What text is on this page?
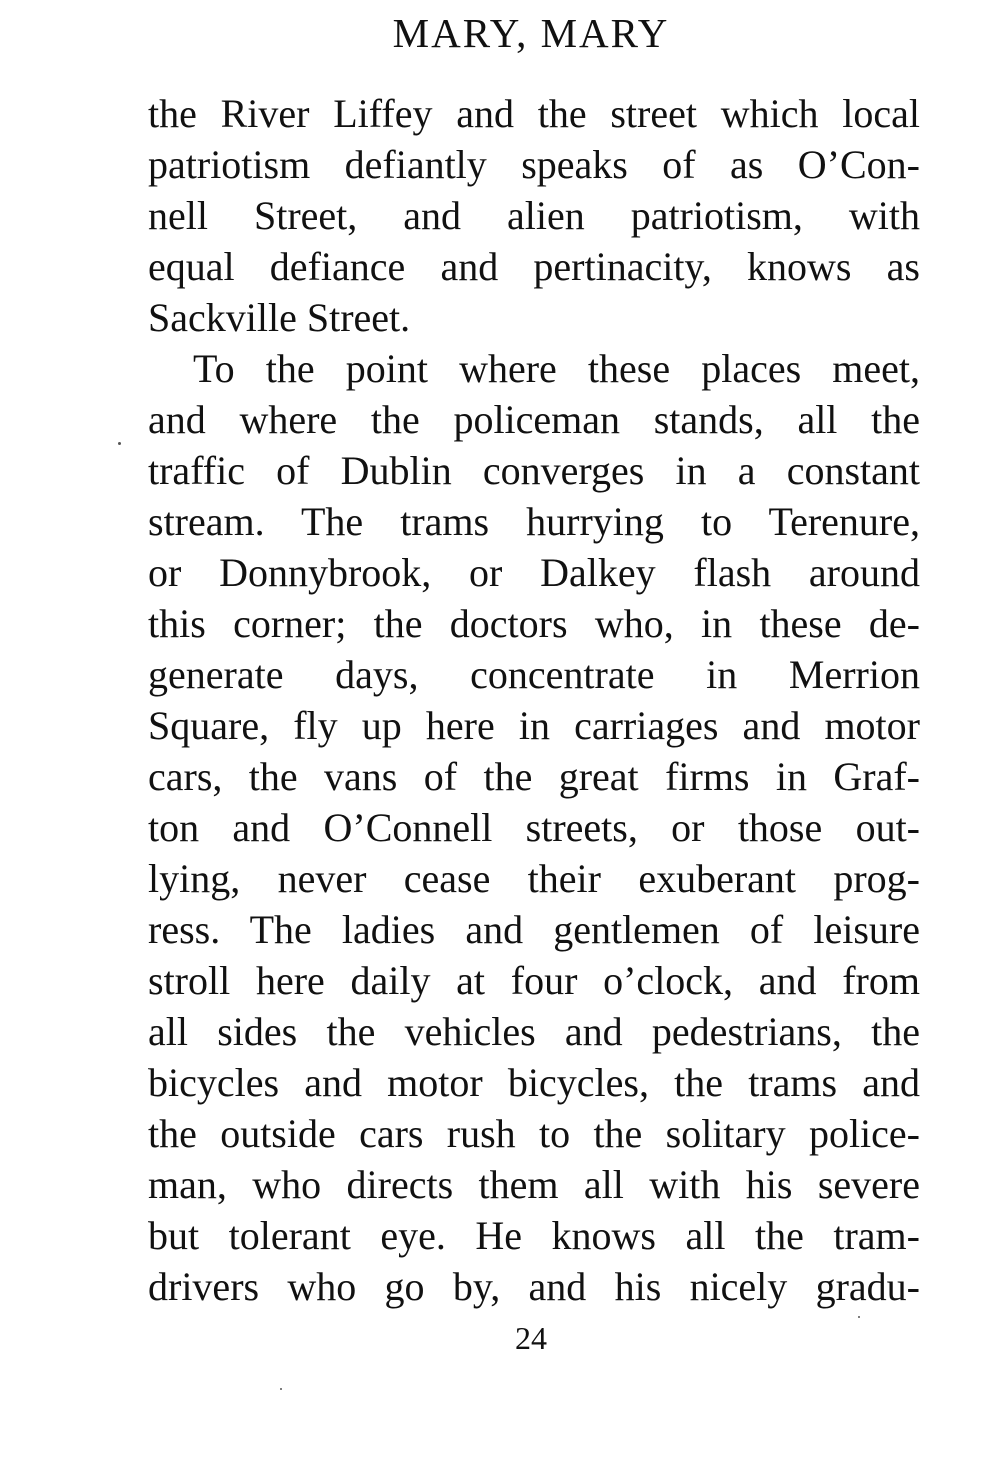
MARY, MARY
the River Liffey and the street which local
patriotism defiantly speaks of as O’Con-
nell Street, and alien patriotism, with
equal defiance and pertinacity, knows as
Sackville Street.
To the point where these places meet,
and where the policeman stands, all the
traffic of Dublin converges in a constant
stream. The trams hurrying to Terenure,
or Donnybrook, or Dalkey flash around
this corner; the doctors who, in these de-
generate days, concentrate in Merrion
Square, fly up here in carriages and motor
cars, the vans of the great firms in Graf-
ton and O’Connell streets, or those out-
lying, never cease their exuberant prog-
ress. The ladies and gentlemen of leisure
stroll here daily at four o’clock, and from
all sides the vehicles and pedestrians, the
bicycles and motor bicycles, the trams and
the outside cars rush to the solitary police-
man, who directs them all with his severe
but tolerant eye. He knows all the tram-
drivers who go by, and his nicely gradu-
24
